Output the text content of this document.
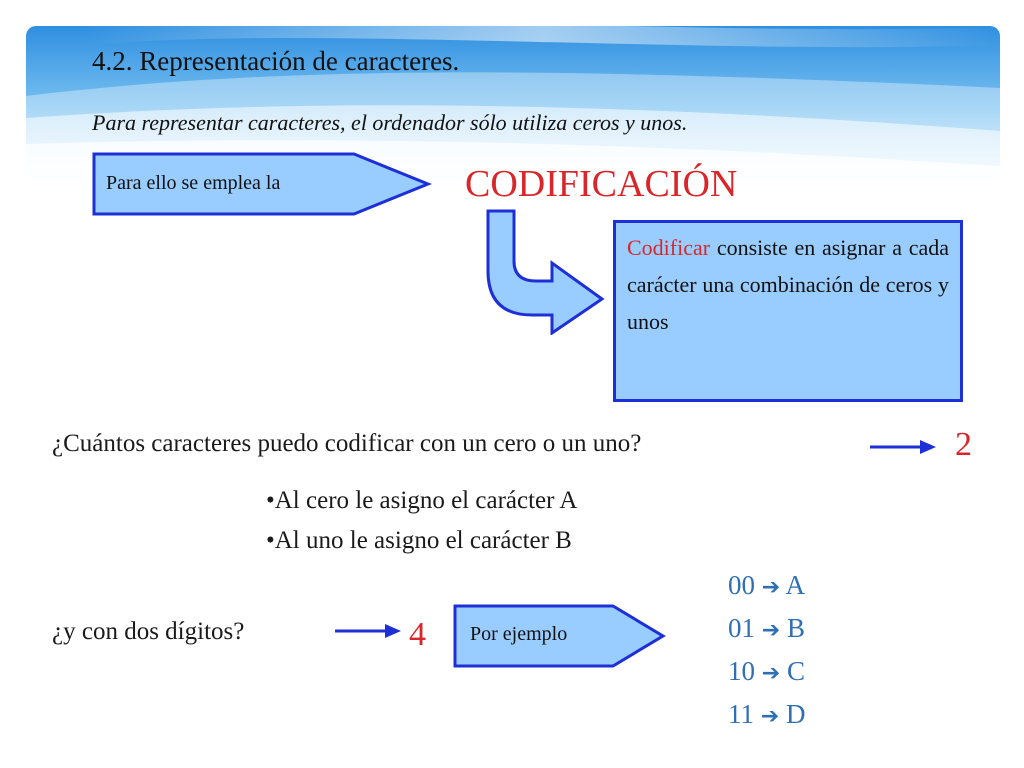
4.2. Representación de caracteres.
Para representar caracteres, el ordenador sólo utiliza ceros y unos.
Para ello se emplea la	CODIFICACIÓN
Codificar consiste en asignar a cada carácter una combinación de ceros y unos
¿Cuántos caracteres puedo codificar con un cero o un uno?	2
•Al cero le asigno el carácter A
•Al uno le asigno el carácter B
¿y con dos dígitos?	4 Por ejemplo
00 ➔ A
01 ➔ B
10 ➔ C
11 ➔ D
